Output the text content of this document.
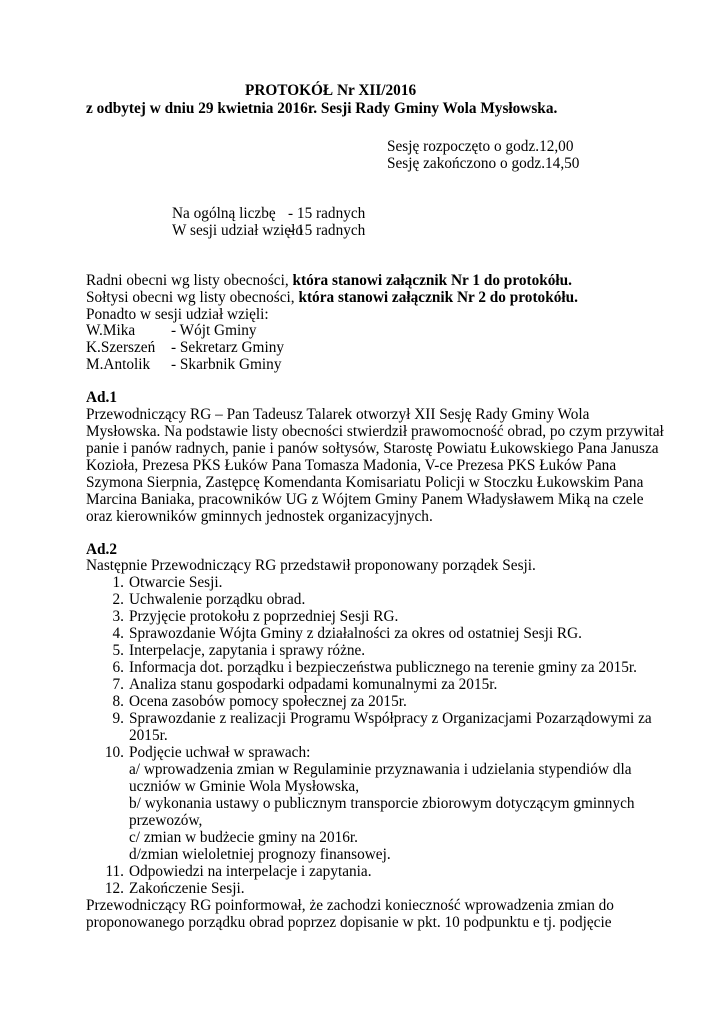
PROTOKÓŁ Nr XII/2016
z odbytej w dniu 29 kwietnia 2016r. Sesji Rady Gminy Wola Mysłowska.
Sesję rozpoczęto o godz.12,00
Sesję zakończono o godz.14,50
Na ogólną liczbę - 15 radnych
W sesji udział wzięło
- 15 radnych
Radni obecni wg listy obecności, która stanowi załącznik Nr 1 do protokółu.
Sołtysi obecni wg listy obecności, która stanowi załącznik Nr 2 do protokółu.
Ponadto w sesji udział wzięli:
W.Mika - Wójt Gminy
K.Szerszeń - Sekretarz Gminy
M.Antolik - Skarbnik Gminy
Ad.1
Przewodniczący RG – Pan Tadeusz Talarek otworzył XII Sesję Rady Gminy Wola
Mysłowska. Na podstawie listy obecności stwierdził prawomocność obrad, po czym przywitał
panie i panów radnych, panie i panów sołtysów, Starostę Powiatu Łukowskiego Pana Janusza
Kozioła, Prezesa PKS Łuków Pana Tomasza Madonia, V-ce Prezesa PKS Łuków Pana
Szymona Sierpnia, Zastępcę Komendanta Komisariatu Policji w Stoczku Łukowskim Pana
Marcina Baniaka, pracowników UG z Wójtem Gminy Panem Władysławem Miką na czele
oraz kierowników gminnych jednostek organizacyjnych.
Ad.2
Następnie Przewodniczący RG przedstawił proponowany porządek Sesji.
1. Otwarcie Sesji.
2. Uchwalenie porządku obrad.
3. Przyjęcie protokołu z poprzedniej Sesji RG.
4. Sprawozdanie Wójta Gminy z działalności za okres od ostatniej Sesji RG.
5. Interpelacje, zapytania i sprawy różne.
6. Informacja dot. porządku i bezpieczeństwa publicznego na terenie gminy za 2015r.
7. Analiza stanu gospodarki odpadami komunalnymi za 2015r.
8. Ocena zasobów pomocy społecznej za 2015r.
9. Sprawozdanie z realizacji Programu Współpracy z Organizacjami Pozarządowymi za
2015r.
10. Podjęcie uchwał w sprawach:
a/ wprowadzenia zmian w Regulaminie przyznawania i udzielania stypendiów dla
uczniów w Gminie Wola Mysłowska,
b/ wykonania ustawy o publicznym transporcie zbiorowym dotyczącym gminnych
przewozów,
c/ zmian w budżecie gminy na 2016r.
d/zmian wieloletniej prognozy finansowej.
11. Odpowiedzi na interpelacje i zapytania.
12. Zakończenie Sesji.
Przewodniczący RG poinformował, że zachodzi konieczność wprowadzenia zmian do
proponowanego porządku obrad poprzez dopisanie w pkt. 10 podpunktu e tj. podjęcie
